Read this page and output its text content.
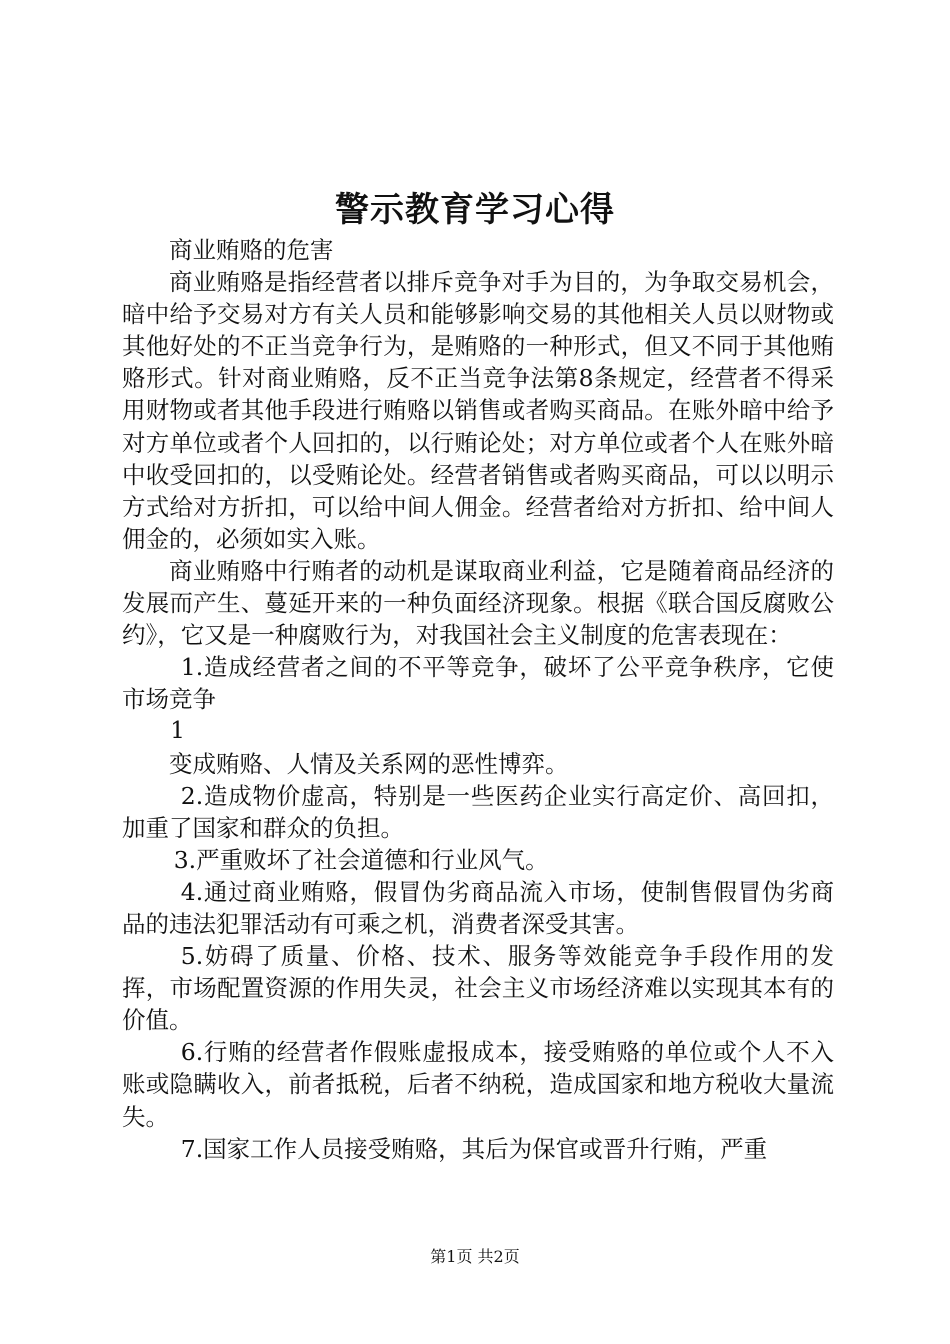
警示教育学习心得

商业贿赂的危害

商业贿赂是指经营者以排斥竞争对手为目的，为争取交易机会，暗中给予交易对方有关人员和能够影响交易的其他相关人员以财物或其他好处的不正当竞争行为，是贿赂的一种形式，但又不同于其他贿赂形式。针对商业贿赂，反不正当竞争法第8条规定，经营者不得采用财物或者其他手段进行贿赂以销售或者购买商品。在账外暗中给予对方单位或者个人回扣的，以行贿论处；对方单位或者个人在账外暗中收受回扣的，以受贿论处。经营者销售或者购买商品，可以以明示方式给对方折扣，可以给中间人佣金。经营者给对方折扣、给中间人佣金的，必须如实入账。

商业贿赂中行贿者的动机是谋取商业利益，它是随着商品经济的发展而产生、蔓延开来的一种负面经济现象。根据《联合国反腐败公约》，它又是一种腐败行为，对我国社会主义制度的危害表现在：

1.造成经营者之间的不平等竞争，破坏了公平竞争秩序，它使市场竞争

1

变成贿赂、人情及关系网的恶性博弈。

2.造成物价虚高，特别是一些医药企业实行高定价、高回扣，加重了国家和群众的负担。

3.严重败坏了社会道德和行业风气。

4.通过商业贿赂，假冒伪劣商品流入市场，使制售假冒伪劣商品的违法犯罪活动有可乘之机，消费者深受其害。

5.妨碍了质量、价格、技术、服务等效能竞争手段作用的发挥，市场配置资源的作用失灵，社会主义市场经济难以实现其本有的价值。

6.行贿的经营者作假账虚报成本，接受贿赂的单位或个人不入账或隐瞒收入，前者抵税，后者不纳税，造成国家和地方税收大量流失。

7.国家工作人员接受贿赂，其后为保官或晋升行贿，严重

第1页 共2页
